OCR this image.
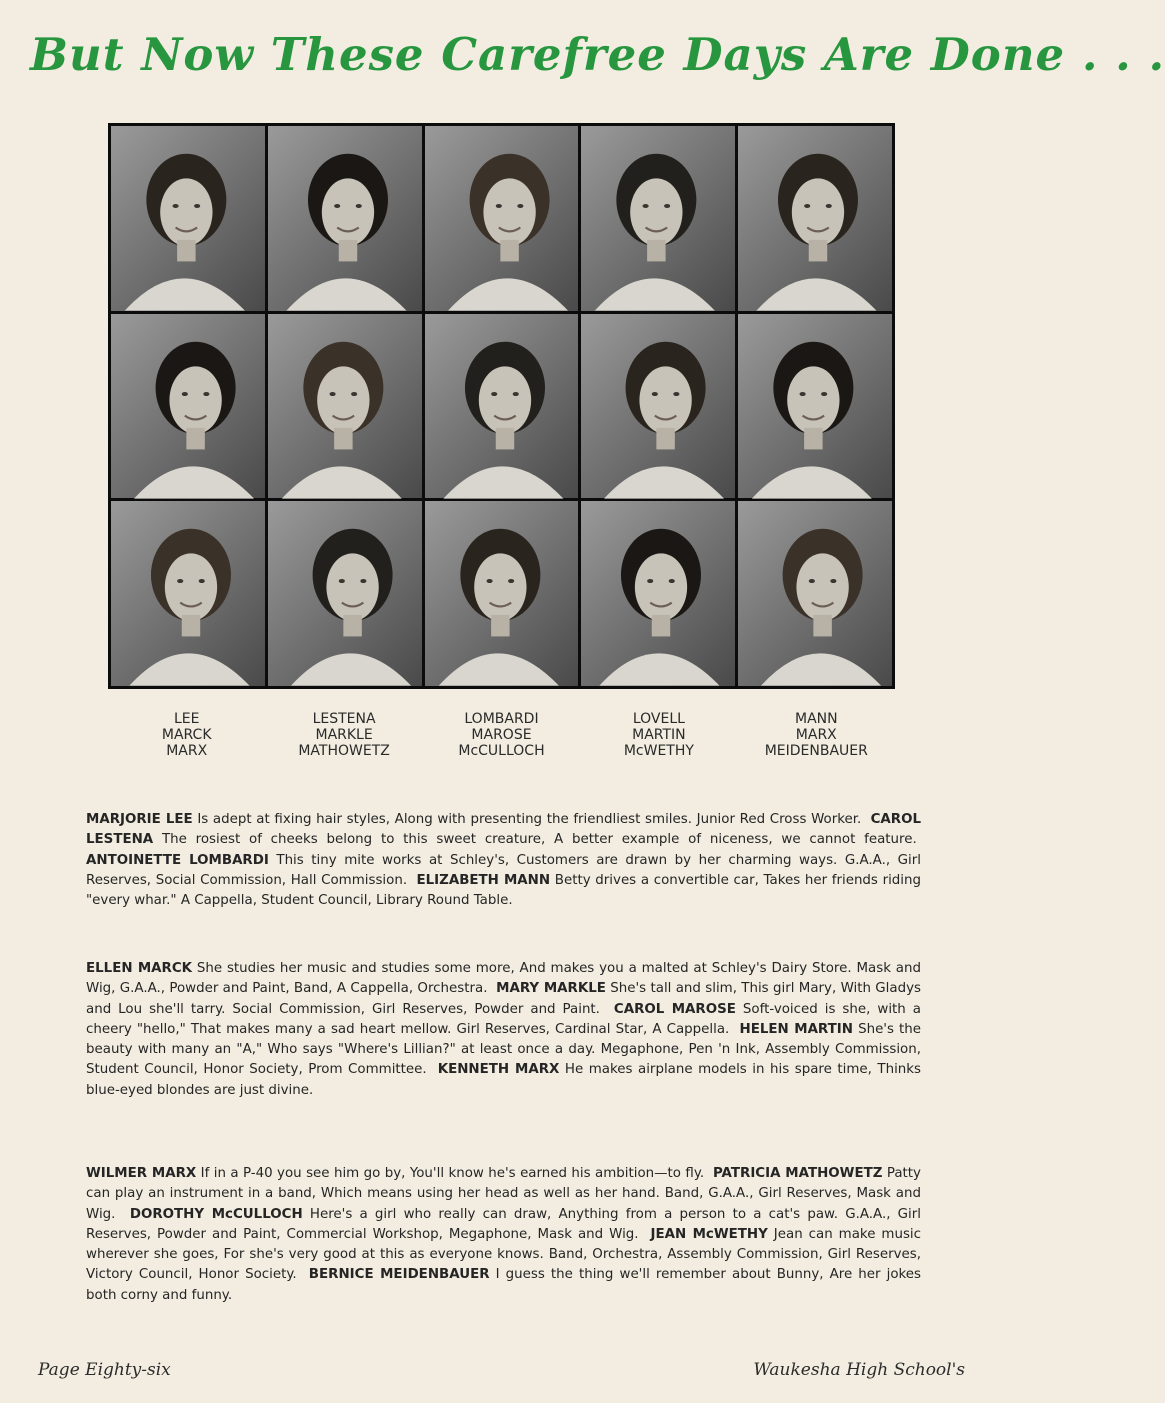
But Now These Carefree Days Are Done . . .
LEE
MARCK
MARX
LESTENA
MARKLE
MATHOWETZ
LOMBARDI
MAROSE
McCULLOCH
LOVELL
MARTIN
McWETHY
MANN
MARX
MEIDENBAUER
MARJORIE LEE Is adept at fixing hair styles, Along with presenting the friendliest smiles. Junior Red Cross Worker. CAROL LESTENA The rosiest of cheeks belong to this sweet creature, A better example of niceness, we cannot feature.  ANTOINETTE LOMBARDI This tiny mite works at Schley's, Customers are drawn by her charming ways. G.A.A., Girl Reserves, Social Commission, Hall Commission. ELIZABETH MANN Betty drives a convertible car, Takes her friends riding "every whar." A Cappella, Student Council, Library Round Table.
ELLEN MARCK She studies her music and studies some more, And makes you a malted at Schley's Dairy Store. Mask and Wig, G.A.A., Powder and Paint, Band, A Cappella, Orchestra. MARY MARKLE She's tall and slim, This girl Mary, With Gladys and Lou she'll tarry. Social Commission, Girl Reserves, Powder and Paint. CAROL MAROSE Soft-voiced is she, with a cheery "hello," That makes many a sad heart mellow. Girl Reserves, Cardinal Star, A Cappella. HELEN MARTIN She's the beauty with many an "A," Who says "Where's Lillian?" at least once a day. Megaphone, Pen 'n Ink, Assembly Commission, Student Council, Honor Society, Prom Committee. KENNETH MARX He makes airplane models in his spare time, Thinks blue-eyed blondes are just divine.
WILMER MARX If in a P-40 you see him go by, You'll know he's earned his ambition—to fly. PATRICIA MATHOWETZ Patty can play an instrument in a band, Which means using her head as well as her hand. Band, G.A.A., Girl Reserves, Mask and Wig. DOROTHY McCULLOCH Here's a girl who really can draw, Anything from a person to a cat's paw. G.A.A., Girl Reserves, Powder and Paint, Commercial Workshop, Megaphone, Mask and Wig. JEAN McWETHY Jean can make music wherever she goes, For she's very good at this as everyone knows. Band, Orchestra, Assembly Commission, Girl Reserves, Victory Council, Honor Society. BERNICE MEIDENBAUER I guess the thing we'll remember about Bunny, Are her jokes both corny and funny.
Page Eighty-six	Waukesha High School's
